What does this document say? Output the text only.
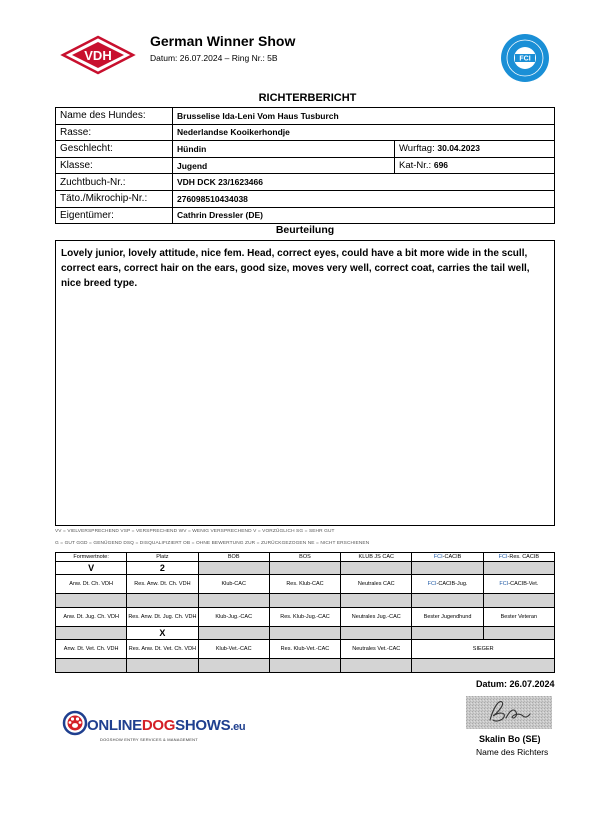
VDH
German Winner Show
Datum: 26.07.2024 – Ring Nr.: 5B	FCI
RICHTERBERICHT
Name des Hundes:	Brusselise Ida-Leni Vom Haus Tusburch	
Rasse:	Nederlandse Kooikerhondje	
Geschlecht:	Hündin	Wurftag: 30.04.2023
Klasse:	Jugend	Kat-Nr.: 696
Zuchtbuch-Nr.:	VDH DCK 23/1623466	
Täto./Mikrochip-Nr.:	276098510434038	
Eigentümer:	Cathrin Dressler (DE)	
Beurteilung
Lovely junior, lovely attitude, nice fem. Head, correct eyes, could have a bit more wide in the scull, correct ears, correct hair on the ears, good size, moves very well, correct coat, carries the tail well, nice breed type.
VV = VIELVERSPRECHEND VSP = VERSPRECHEND WV = WENIG VERSPRECHEND V = VORZÜGLICH SG = SEHR GUT
G = GUT GGD = GENÜGEND DSQ = DISQUALIFIZIERT OB = OHNE BEWERTUNG ZUR = ZURÜCKGEZOGEN NE = NICHT ERSCHIENEN
Formwertnote:	Platz	BOB	BOS	KLUB JS CAC	FCI-CACIB	FCI-Res. CACIB
V	2					
Anw. Dt. Ch. VDH	Res. Anw. Dt. Ch. VDH	Klub-CAC	Res. Klub-CAC	Neutrales CAC	FCI-CACIB-Jug.	FCI-CACIB-Vet.

Anw. Dt. Jug. Ch. VDH	Res. Anw. Dt. Jug. Ch. VDH	Klub-Jug.-CAC	Res. Klub-Jug.-CAC	Neutrales Jug.-CAC	Bester Jugendhund	Bester Veteran
	X					
Anw. Dt. Vet. Ch. VDH	Res. Anw. Dt. Vet. Ch. VDH	Klub-Vet.-CAC	Res. Klub-Vet.-CAC	Neutrales Vet.-CAC	SIEGER	

Datum: 26.07.2024
ONLINEDOGSHOWS.eu
DOGSHOW ENTRY SERVICES & MANAGEMENT	Skalin Bo (SE)
Name des Richters
